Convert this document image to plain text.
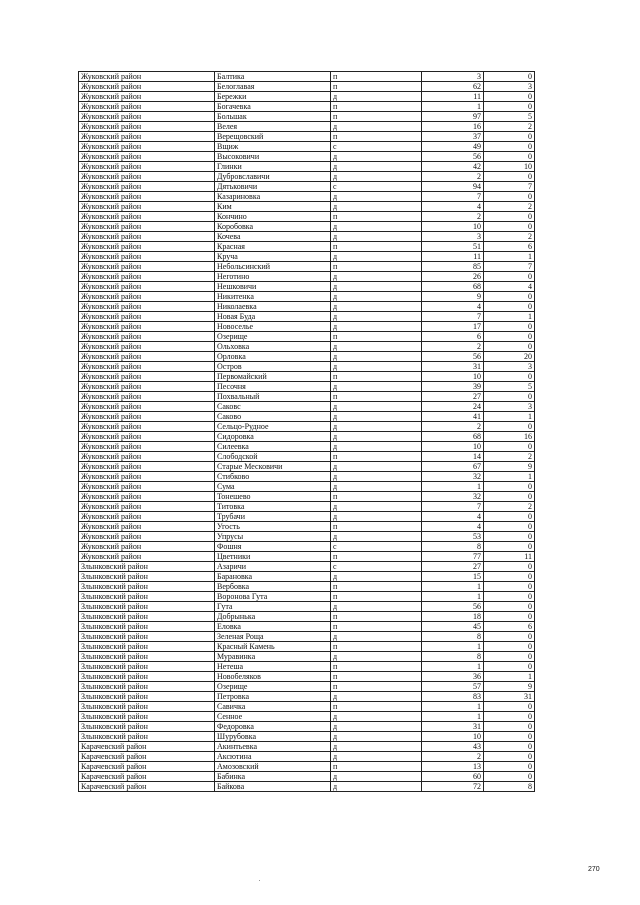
Жуковский район	Балтика	п	3	0
Жуковский район	Белоглавая	п	62	3
Жуковский район	Бережки	д	11	0
Жуковский район	Богачевка	п	1	0
Жуковский район	Большак	п	97	5
Жуковский район	Велея	д	16	2
Жуковский район	Верещовский	п	37	0
Жуковский район	Вщиж	с	49	0
Жуковский район	Высоковичи	д	56	0
Жуковский район	Глинки	д	42	10
Жуковский район	Дубровславичи	д	2	0
Жуковский район	Дятьковичи	с	94	7
Жуковский район	Казариновка	д	7	0
Жуковский район	Ким	д	4	2
Жуковский район	Кончино	п	2	0
Жуковский район	Коробовка	д	10	0
Жуковский район	Кочева	д	3	2
Жуковский район	Красная	п	51	6
Жуковский район	Круча	д	11	1
Жуковский район	Небольсинский	п	85	7
Жуковский район	Неготино	д	26	0
Жуковский район	Нешковичи	д	68	4
Жуковский район	Никитенка	д	9	0
Жуковский район	Николаевка	д	4	0
Жуковский район	Новая Буда	д	7	1
Жуковский район	Новоселье	д	17	0
Жуковский район	Озерище	п	6	0
Жуковский район	Ольховка	д	2	0
Жуковский район	Орловка	д	56	20
Жуковский район	Остров	д	31	3
Жуковский район	Первомайский	п	10	0
Жуковский район	Песочня	д	39	5
Жуковский район	Похвальный	п	27	0
Жуковский район	Саковс	д	24	3
Жуковский район	Саково	д	41	1
Жуковский район	Сельцо-Рудное	д	2	0
Жуковский район	Сидоровка	д	68	16
Жуковский район	Силеевка	д	10	0
Жуковский район	Слободской	п	14	2
Жуковский район	Старые Месковичи	д	67	9
Жуковский район	Стибково	д	32	1
Жуковский район	Сума	д	1	0
Жуковский район	Тонешево	п	32	0
Жуковский район	Титовка	д	7	2
Жуковский район	Трубачи	д	4	0
Жуковский район	Угость	п	4	0
Жуковский район	Упрусы	д	53	0
Жуковский район	Фошня	с	8	0
Жуковский район	Цветники	п	77	11
Злынковский район	Азаричи	с	27	0
Злынковский район	Барановка	д	15	0
Злынковский район	Вербовка	п	1	0
Злынковский район	Воронова Гута	п	1	0
Злынковский район	Гута	д	56	0
Злынковский район	Добрынька	п	18	0
Злынковский район	Еловка	п	45	6
Злынковский район	Зеленая Роща	д	8	0
Злынковский район	Красный Камень	п	1	0
Злынковский район	Муравинка	д	8	0
Злынковский район	Нетеша	п	1	0
Злынковский район	Новобеляков	п	36	1
Злынковский район	Озерище	п	57	9
Злынковский район	Петровка	д	83	31
Злынковский район	Савичка	п	1	0
Злынковский район	Сенное	д	1	0
Злынковский район	Федоровка	д	31	0
Злынковский район	Шурубовка	д	10	0
Карачевский район	Акинтьевка	д	43	0
Карачевский район	Аксютина	д	2	0
Карачевский район	Амозовский	п	13	0
Карачевский район	Бабинка	д	60	0
Карачевский район	Байкова	д	72	8
270
